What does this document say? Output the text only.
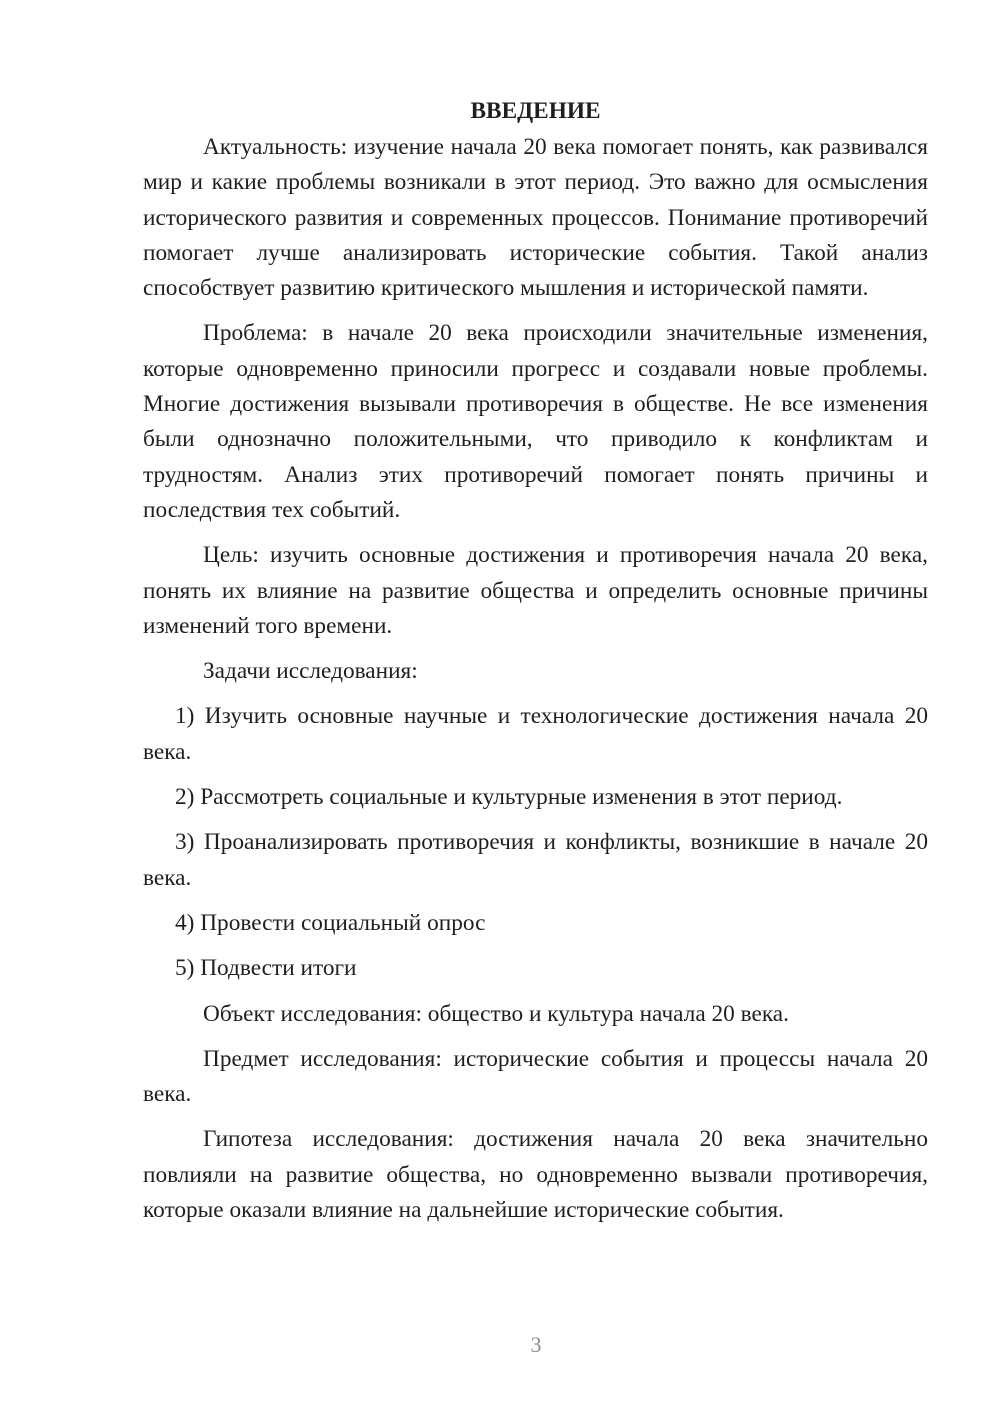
ВВЕДЕНИЕ

Актуальность: изучение начала 20 века помогает понять, как развивался мир и какие проблемы возникали в этот период. Это важно для осмысления исторического развития и современных процессов. Понимание противоречий помогает лучше анализировать исторические события. Такой анализ способствует развитию критического мышления и исторической памяти.

Проблема: в начале 20 века происходили значительные изменения, которые одновременно приносили прогресс и создавали новые проблемы. Многие достижения вызывали противоречия в обществе. Не все изменения были однозначно положительными, что приводило к конфликтам и трудностям. Анализ этих противоречий помогает понять причины и последствия тех событий.

Цель: изучить основные достижения и противоречия начала 20 века, понять их влияние на развитие общества и определить основные причины изменений того времени.

Задачи исследования:

1) Изучить основные научные и технологические достижения начала 20 века.

2) Рассмотреть социальные и культурные изменения в этот период.

3) Проанализировать противоречия и конфликты, возникшие в начале 20 века.

4) Провести социальный опрос

5) Подвести итоги

Объект исследования: общество и культура начала 20 века.

Предмет исследования: исторические события и процессы начала 20 века.

Гипотеза исследования: достижения начала 20 века значительно повлияли на развитие общества, но одновременно вызвали противоречия, которые оказали влияние на дальнейшие исторические события.

3
